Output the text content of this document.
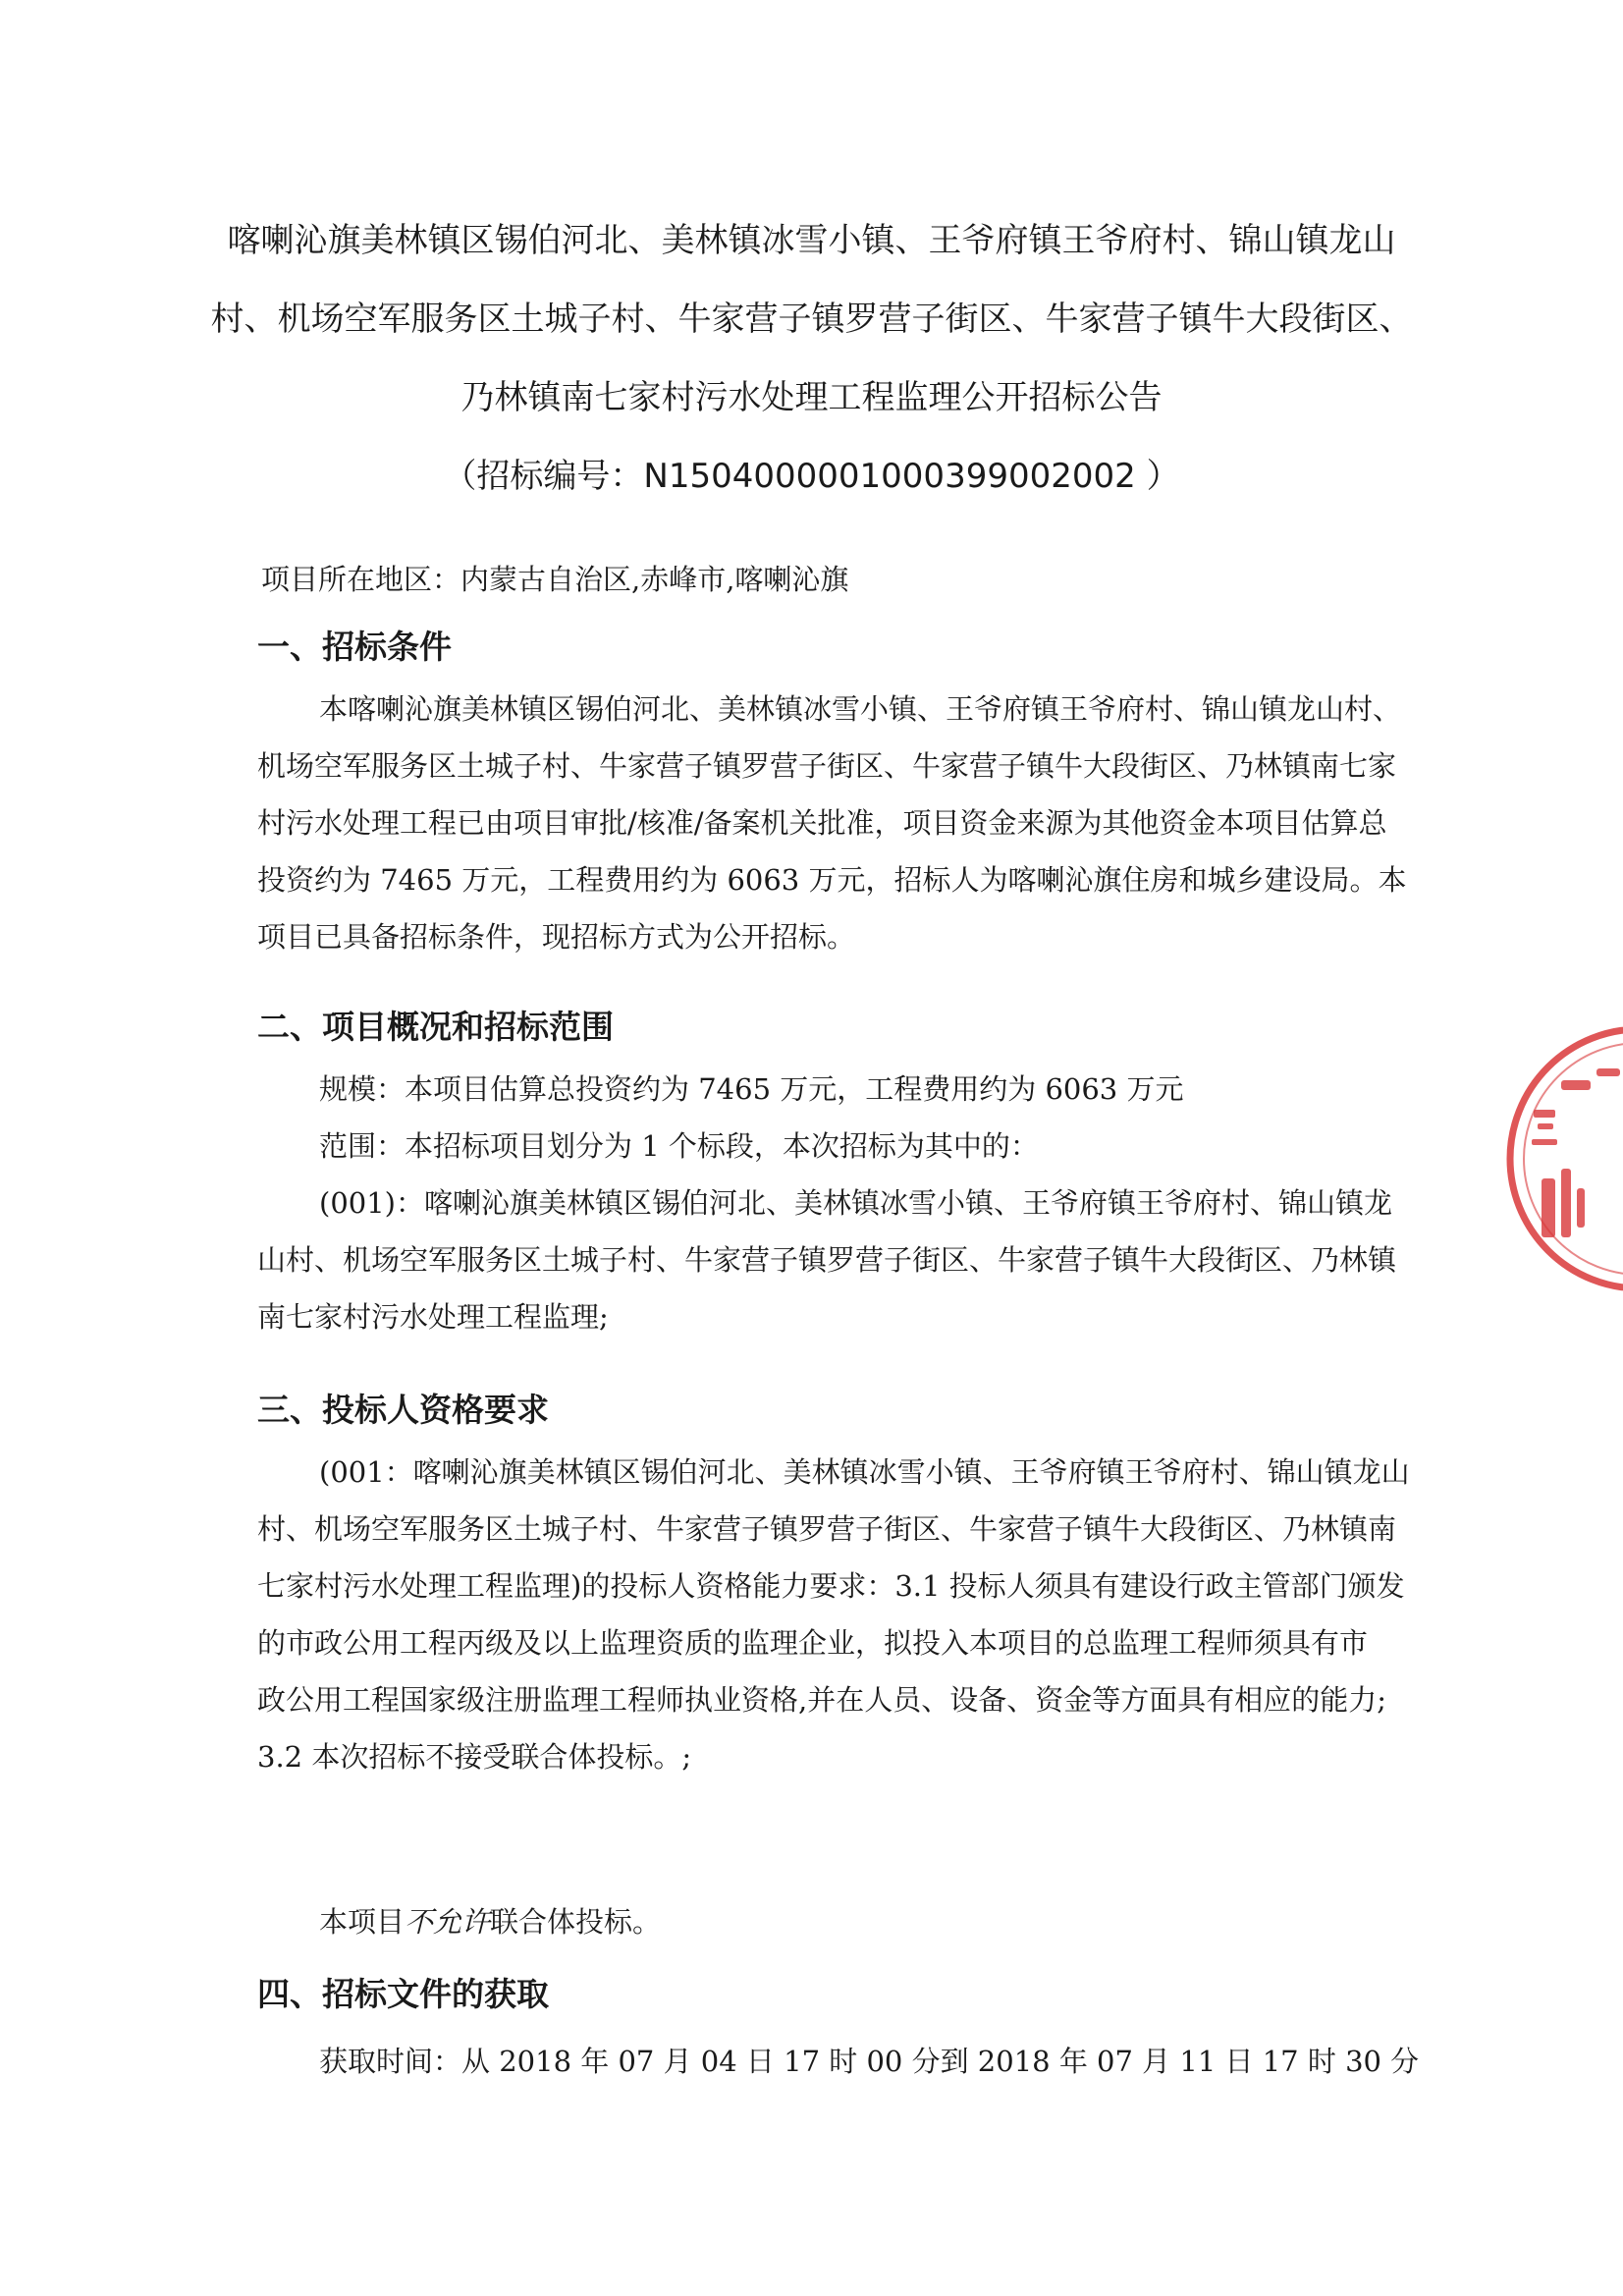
喀喇沁旗美林镇区锡伯河北、美林镇冰雪小镇、王爷府镇王爷府村、锦山镇龙山
村、机场空军服务区土城子村、牛家营子镇罗营子街区、牛家营子镇牛大段街区、
乃林镇南七家村污水处理工程监理公开招标公告
（招标编号：N1504000001000399002002 ）
项目所在地区：内蒙古自治区,赤峰市,喀喇沁旗
一、招标条件
本喀喇沁旗美林镇区锡伯河北、美林镇冰雪小镇、王爷府镇王爷府村、锦山镇龙山村、
机场空军服务区土城子村、牛家营子镇罗营子街区、牛家营子镇牛大段街区、乃林镇南七家
村污水处理工程已由项目审批/核准/备案机关批准，项目资金来源为其他资金本项目估算总
投资约为 7465 万元，工程费用约为 6063 万元，招标人为喀喇沁旗住房和城乡建设局。本
项目已具备招标条件，现招标方式为公开招标。
二、项目概况和招标范围
规模：本项目估算总投资约为 7465 万元，工程费用约为 6063 万元
范围：本招标项目划分为 1 个标段，本次招标为其中的：
(001)：喀喇沁旗美林镇区锡伯河北、美林镇冰雪小镇、王爷府镇王爷府村、锦山镇龙
山村、机场空军服务区土城子村、牛家营子镇罗营子街区、牛家营子镇牛大段街区、乃林镇
南七家村污水处理工程监理;
三、投标人资格要求
(001：喀喇沁旗美林镇区锡伯河北、美林镇冰雪小镇、王爷府镇王爷府村、锦山镇龙山
村、机场空军服务区土城子村、牛家营子镇罗营子街区、牛家营子镇牛大段街区、乃林镇南
七家村污水处理工程监理)的投标人资格能力要求：3.1 投标人须具有建设行政主管部门颁发
的市政公用工程丙级及以上监理资质的监理企业，拟投入本项目的总监理工程师须具有市
政公用工程国家级注册监理工程师执业资格,并在人员、设备、资金等方面具有相应的能力;
3.2 本次招标不接受联合体投标。;
本项目不允许联合体投标。
四、招标文件的获取
获取时间：从 2018 年 07 月 04 日 17 时 00 分到 2018 年 07 月 11 日 17 时 30 分
